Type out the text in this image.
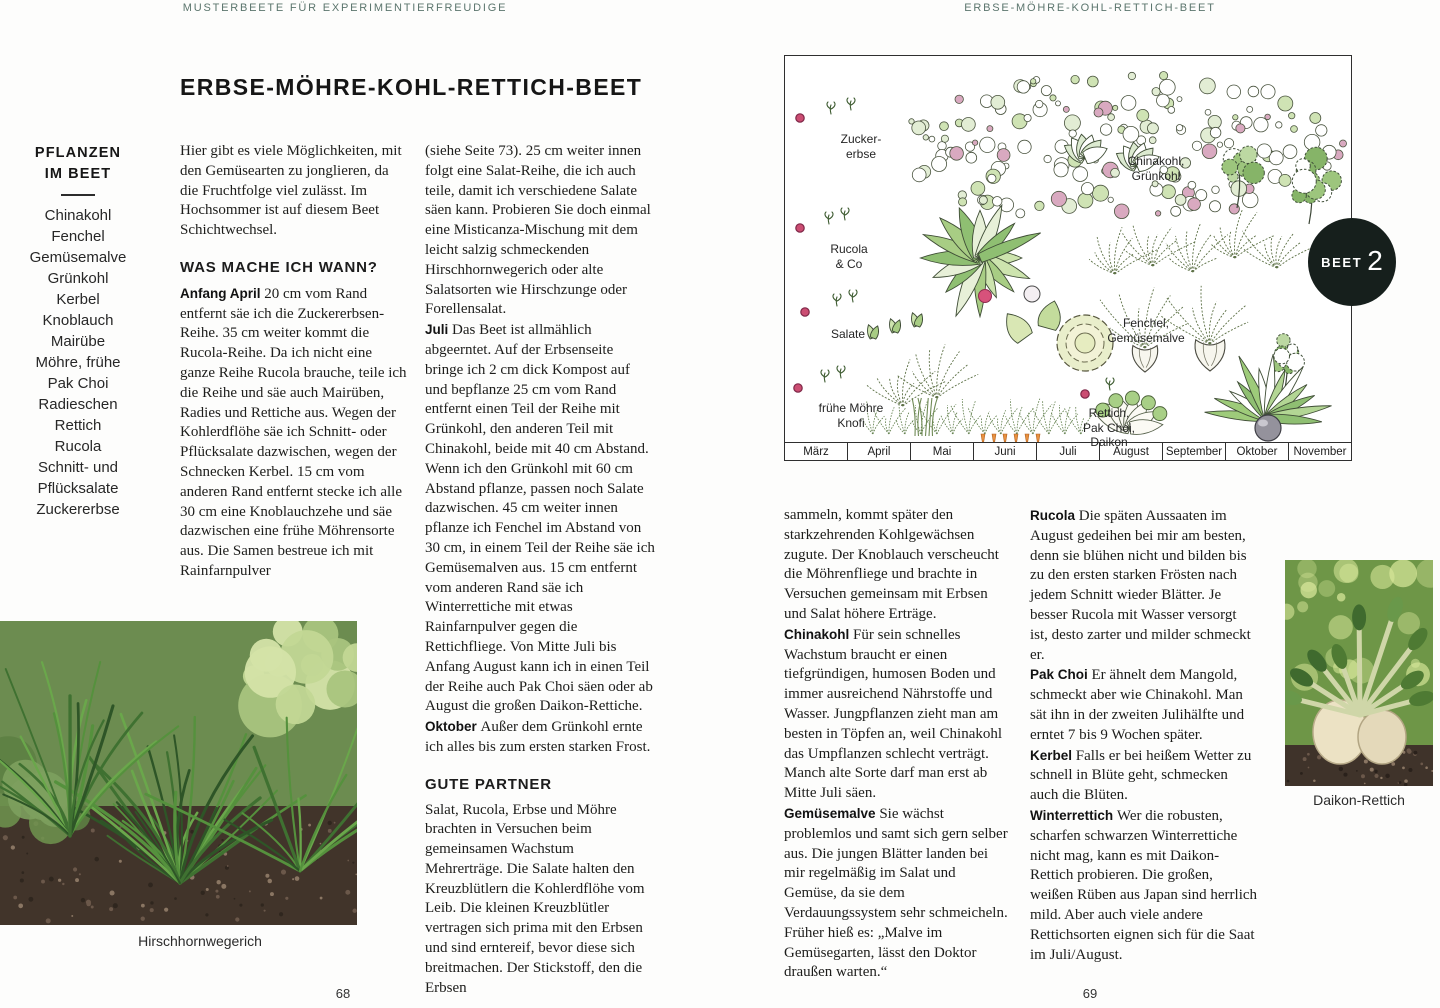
MUSTERBEETE FÜR EXPERIMENTIERFREUDIGE	ERBSE-MÖHRE-KOHL-RETTICH-BEET
ERBSE-MÖHRE-KOHL-RETTICH-BEET
PFLANZEN
IM BEET
Chinakohl
Fenchel
Gemüsemalve
Grünkohl
Kerbel
Knoblauch
Mairübe
Möhre, frühe
Pak Choi
Radieschen
Rettich
Rucola
Schnitt- und
Pflücksalate
Zuckererbse

Hier gibt es viele Möglichkeiten, mit den Gemüsearten zu jonglieren, da die Fruchtfolge viel zulässt. Im Hochsommer ist auf diesem Beet Schichtwechsel.

WAS MACHE ICH WANN?

Anfang April 20 cm vom Rand entfernt säe ich die Zuckererbsen-Reihe. 35 cm weiter kommt die Rucola-Reihe. Da ich nicht eine ganze Reihe Rucola brauche, teile ich die Reihe und säe auch Mairüben, Radies und Rettiche aus. Wegen der Kohlerdflöhe säe ich Schnitt- oder Pflücksalate dazwischen, wegen der Schnecken Kerbel. 15 cm vom anderen Rand entfernt stecke ich alle 30 cm eine Knoblauchzehe und säe dazwischen eine frühe Möhrensorte aus. Die Samen bestreue ich mit Rainfarnpulver

(siehe Seite 73). 25 cm weiter innen folgt eine Salat-Reihe, die ich auch teile, damit ich verschiedene Salate säen kann. Probieren Sie doch einmal eine Misticanza-Mischung mit dem leicht salzig schmeckenden Hirschhornwegerich oder alte Salatsorten wie Hirschzunge oder Forellensalat.
Juli Das Beet ist allmählich abgeerntet. Auf der Erbsenseite bringe ich 2 cm dick Kompost auf und bepflanze 25 cm vom Rand entfernt einen Teil der Reihe mit Grünkohl, den anderen Teil mit Chinakohl, beide mit 40 cm Abstand. Wenn ich den Grünkohl mit 60 cm Abstand pflanze, passen noch Salate dazwischen. 45 cm weiter innen pflanze ich Fenchel im Abstand von 30 cm, in einem Teil der Reihe säe ich Gemüsemalven aus. 15 cm entfernt vom anderen Rand säe ich Winterrettiche mit etwas Rainfarnpulver gegen die Rettichfliege. Von Mitte Juli bis Anfang August kann ich in einen Teil der Reihe auch Pak Choi säen oder ab August die großen Daikon-Rettiche.
Oktober Außer dem Grünkohl ernte ich alles bis zum ersten starken Frost.

GUTE PARTNER

Salat, Rucola, Erbse und Möhre brachten in Versuchen beim gemeinsamen Wachstum Mehrerträge. Die Salate halten den Kreuzblütlern die Kohlerdflöhe vom Leib. Die kleinen Kreuzblütler vertragen sich prima mit den Erbsen und sind erntereif, bevor diese sich breitmachen. Der Stickstoff, den die Erbsen

Hirschhornwegerich
68
Zucker-
erbse
Rucola
& Co
Salate
frühe Möhre
Knofi
Chinakohl,
Grünkohl
Fenchel,
Gemüsemalve
Rettich,
Pak Choi,
Daikon
März	April	Mai	Juni	Juli	August	September	Oktober	November
BEET 2

sammeln, kommt später den starkzehrenden Kohlgewächsen zugute. Der Knoblauch verscheucht die Möhrenfliege und brachte in Versuchen gemeinsam mit Erbsen und Salat höhere Erträge.
Chinakohl Für sein schnelles Wachstum braucht er einen tiefgründigen, humosen Boden und immer ausreichend Nährstoffe und Wasser. Jungpflanzen zieht man am besten in Töpfen an, weil Chinakohl das Umpflanzen schlecht verträgt. Manch alte Sorte darf man erst ab Mitte Juli säen.
Gemüsemalve Sie wächst problemlos und samt sich gern selber aus. Die jungen Blätter landen bei mir regelmäßig im Salat und Gemüse, da sie dem Verdauungssystem sehr schmeicheln. Früher hieß es: „Malve im Gemüsegarten, lässt den Doktor draußen warten.“

Rucola Die späten Aussaaten im August gedeihen bei mir am besten, denn sie blühen nicht und bilden bis zu den ersten starken Frösten nach jedem Schnitt wieder Blätter. Je besser Rucola mit Wasser versorgt ist, desto zarter und milder schmeckt er.
Pak Choi Er ähnelt dem Mangold, schmeckt aber wie Chinakohl. Man sät ihn in der zweiten Julihälfte und erntet 7 bis 9 Wochen später.
Kerbel Falls er bei heißem Wetter zu schnell in Blüte geht, schmecken auch die Blüten.
Winterrettich Wer die robusten, scharfen schwarzen Winterrettiche nicht mag, kann es mit Daikon-Rettich probieren. Die großen, weißen Rüben aus Japan sind herrlich mild. Aber auch viele andere Rettichsorten eignen sich für die Saat im Juli/August.

Daikon-Rettich
69
